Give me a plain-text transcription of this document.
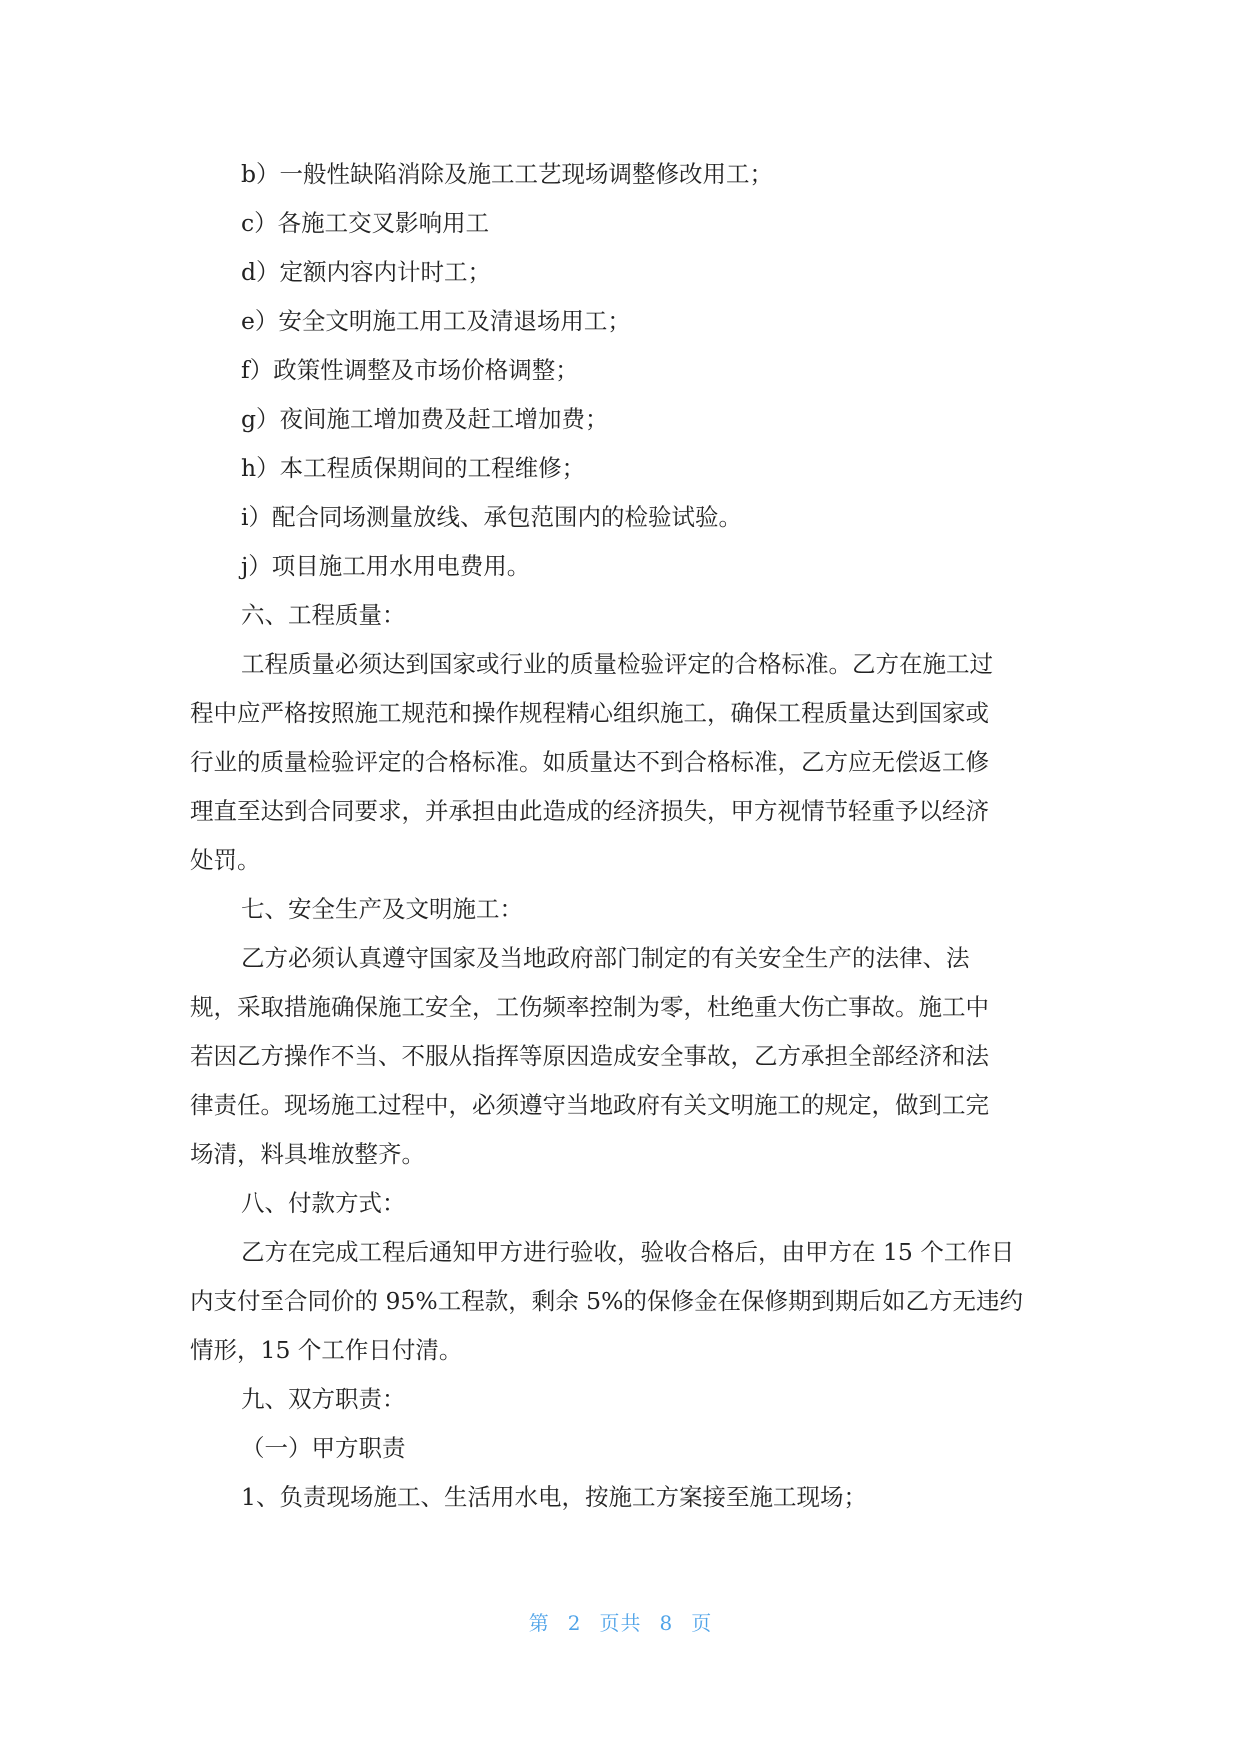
b）一般性缺陷消除及施工工艺现场调整修改用工；

c）各施工交叉影响用工

d）定额内容内计时工；

e）安全文明施工用工及清退场用工；

f）政策性调整及市场价格调整；

g）夜间施工增加费及赶工增加费；

h）本工程质保期间的工程维修；

i）配合同场测量放线、承包范围内的检验试验。

j）项目施工用水用电费用。

六、工程质量：

工程质量必须达到国家或行业的质量检验评定的合格标准。乙方在施工过

程中应严格按照施工规范和操作规程精心组织施工，确保工程质量达到国家或

行业的质量检验评定的合格标准。如质量达不到合格标准，乙方应无偿返工修

理直至达到合同要求，并承担由此造成的经济损失，甲方视情节轻重予以经济

处罚。

七、安全生产及文明施工：

乙方必须认真遵守国家及当地政府部门制定的有关安全生产的法律、法

规，采取措施确保施工安全，工伤频率控制为零，杜绝重大伤亡事故。施工中

若因乙方操作不当、不服从指挥等原因造成安全事故，乙方承担全部经济和法

律责任。现场施工过程中，必须遵守当地政府有关文明施工的规定，做到工完

场清，料具堆放整齐。

八、付款方式：

乙方在完成工程后通知甲方进行验收，验收合格后，由甲方在 15 个工作日

内支付至合同价的 95%工程款，剩余 5%的保修金在保修期到期后如乙方无违约

情形，15 个工作日付清。

九、双方职责：

（一）甲方职责

1、负责现场施工、生活用水电，按施工方案接至施工现场；

第 2 页共 8 页
